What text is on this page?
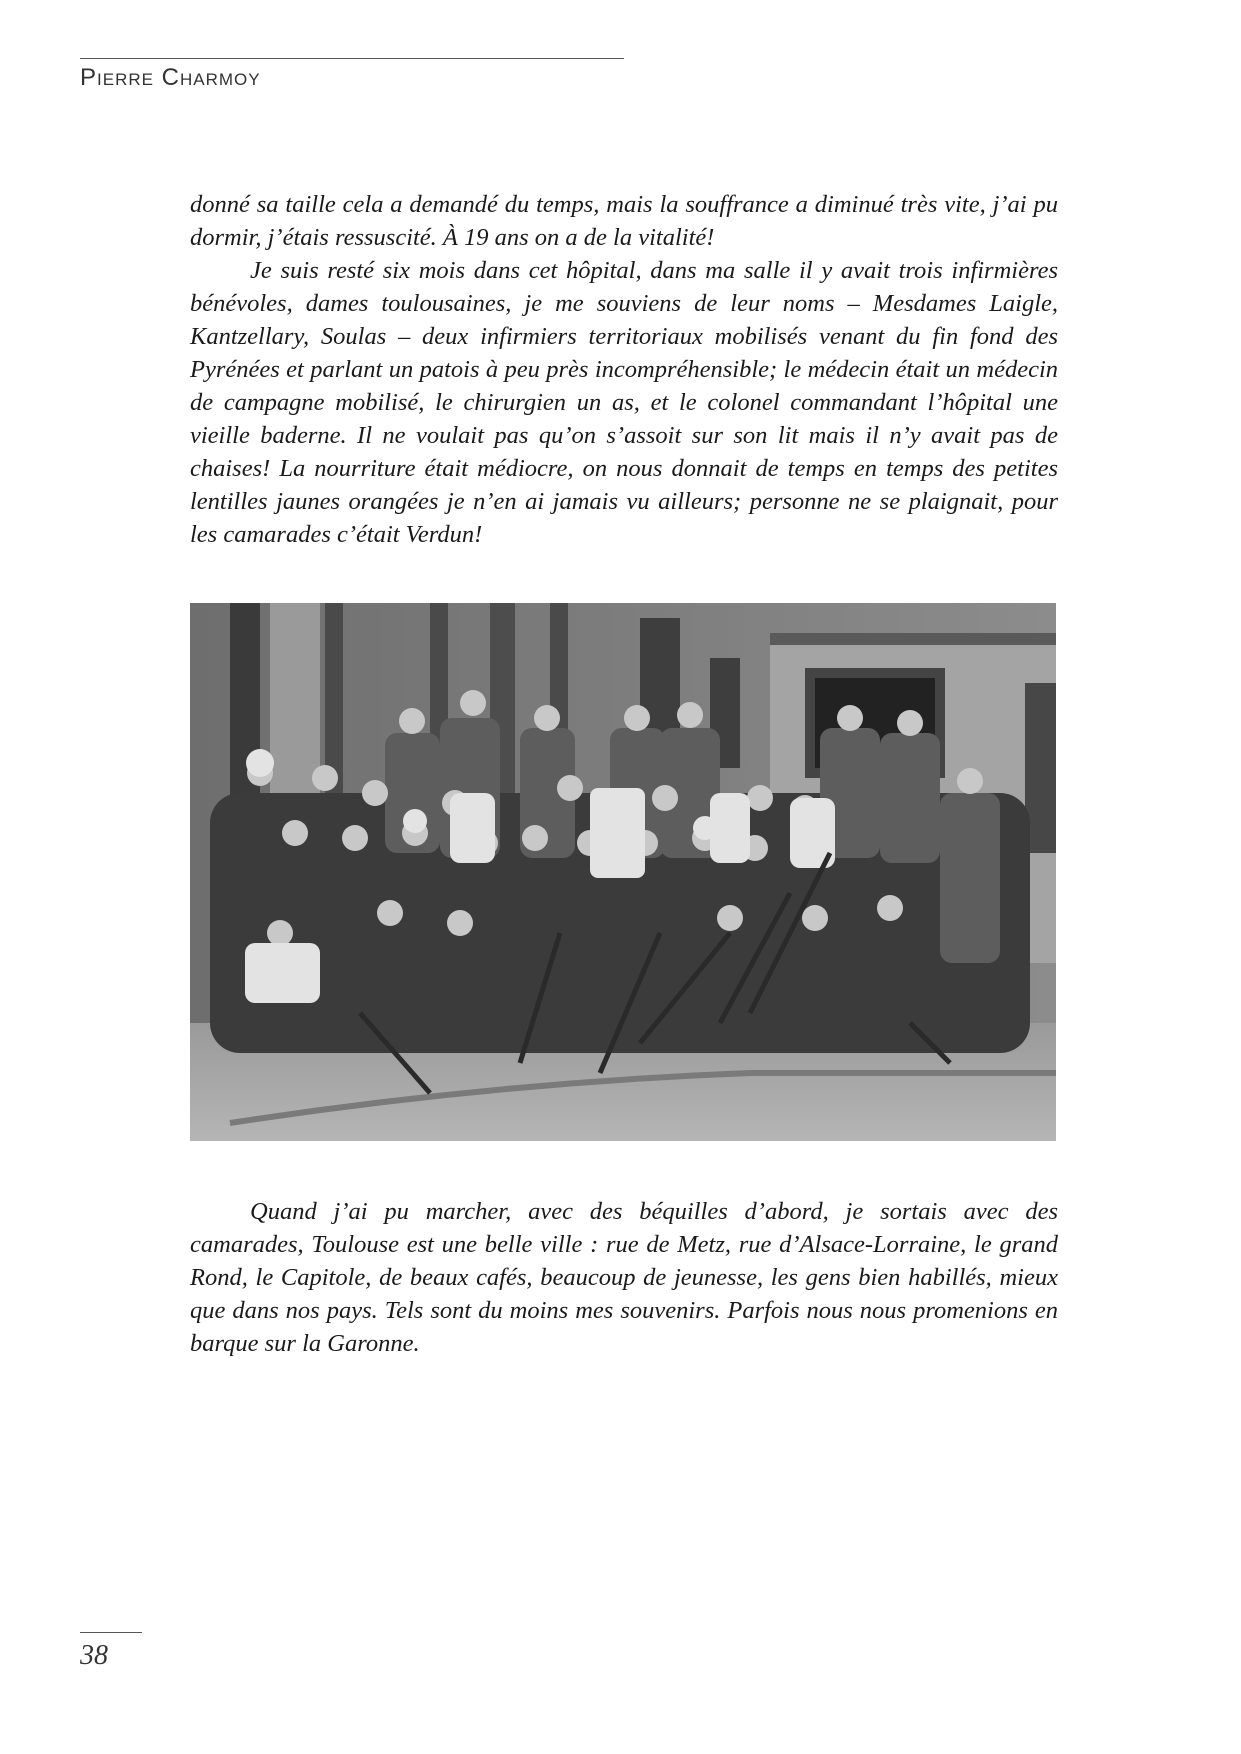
Pierre Charmoy

donné sa taille cela a demandé du temps, mais la souffrance a diminué très vite, j’ai pu dormir, j’étais ressuscité. À 19 ans on a de la vitalité!

Je suis resté six mois dans cet hôpital, dans ma salle il y avait trois infirmières bénévoles, dames toulousaines, je me souviens de leur noms – Mesdames Laigle, Kantzellary, Soulas – deux infirmiers territoriaux mobilisés venant du fin fond des Pyrénées et parlant un patois à peu près incompréhensible; le médecin était un médecin de campagne mobilisé, le chirurgien un as, et le colonel commandant l’hôpital une vieille baderne. Il ne voulait pas qu’on s’assoit sur son lit mais il n’y avait pas de chaises! La nourriture était médiocre, on nous donnait de temps en temps des petites lentilles jaunes orangées je n’en ai jamais vu ailleurs; personne ne se plaignait, pour les camarades c’était Verdun!

Quand j’ai pu marcher, avec des béquilles d’abord, je sortais avec des camarades, Toulouse est une belle ville : rue de Metz, rue d’Alsace-Lorraine, le grand Rond, le Capitole, de beaux cafés, beaucoup de jeunesse, les gens bien habillés, mieux que dans nos pays. Tels sont du moins mes souvenirs. Parfois nous nous promenions en barque sur la Garonne.

38
